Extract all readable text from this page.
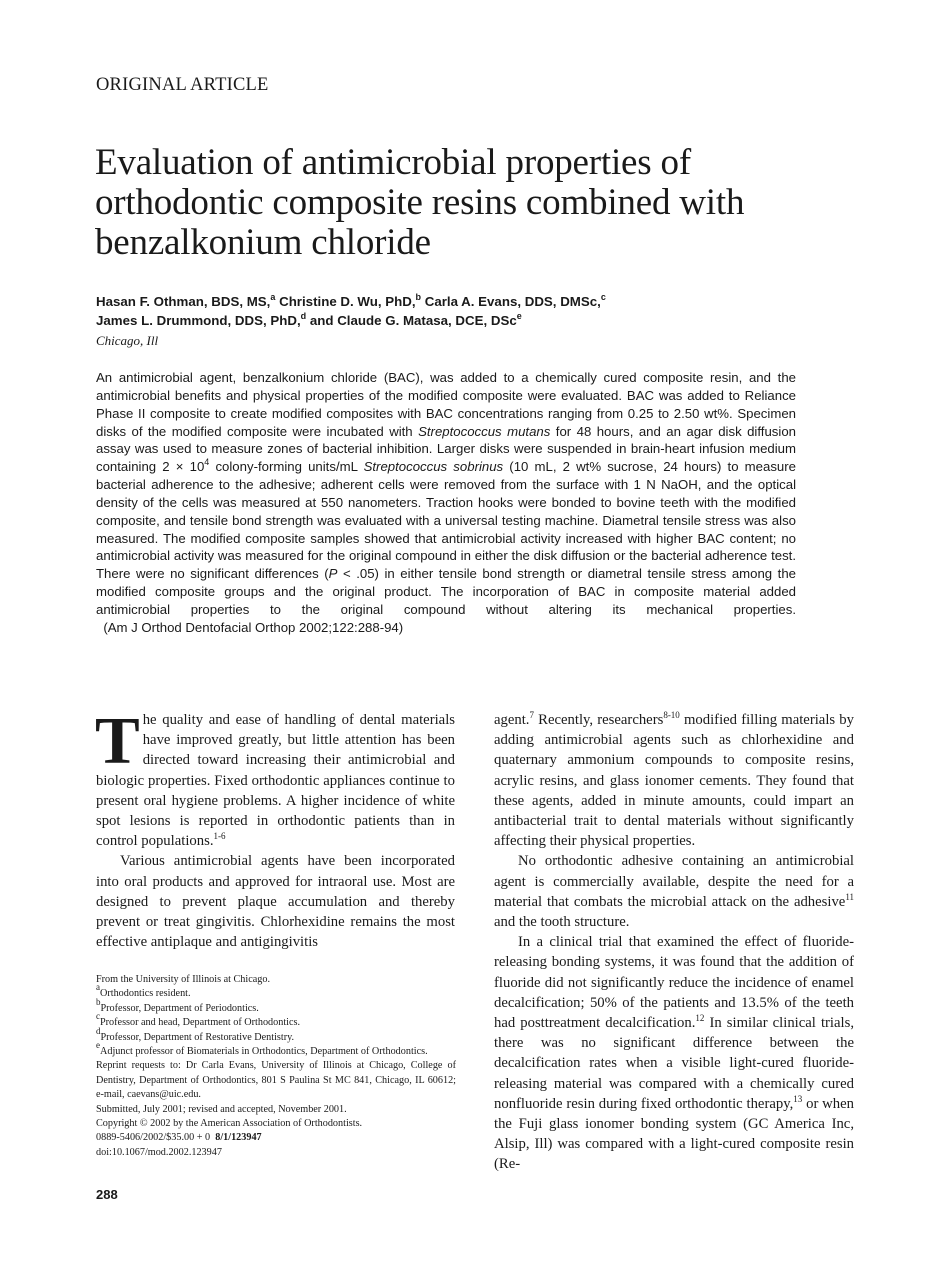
ORIGINAL ARTICLE
Evaluation of antimicrobial properties of orthodontic composite resins combined with benzalkonium chloride

Hasan F. Othman, BDS, MS,$^a$ Christine D. Wu, PhD,$^b$ Carla A. Evans, DDS, DMSc,$^c$

James L. Drummond, DDS, PhD,$^d$ and Claude G. Matasa, DCE, DSc$^e$

Chicago, Ill

An antimicrobial agent, benzalkonium chloride (BAC), was added to a chemically cured composite resin, and the antimicrobial benefits and physical properties of the modified composite were evaluated. BAC was added to Reliance Phase II composite to create modified composites with BAC concentrations ranging from 0.25 to 2.50 wt%. Specimen disks of the modified composite were incubated with Streptococcus mutans for 48 hours, and an agar disk diffusion assay was used to measure zones of bacterial inhibition. Larger disks were suspended in brain-heart infusion medium containing $2 \times 10^4$ colony-forming units/mL Streptococcus sobrinus (10 mL, 2 wt% sucrose, 24 hours) to measure bacterial adherence to the adhesive; adherent cells were removed from the surface with 1 N NaOH, and the optical density of the cells was measured at 550 nanometers. Traction hooks were bonded to bovine teeth with the modified composite, and tensile bond strength was evaluated with a universal testing machine. Diametral tensile stress was also measured. The modified composite samples showed that antimicrobial activity increased with higher BAC content; no antimicrobial activity was measured for the original compound in either the disk diffusion or the bacterial adherence test. There were no significant differences (P < .05) in either tensile bond strength or diametral tensile stress among the modified composite groups and the original product. The incorporation of BAC in composite material added antimicrobial properties to the original compound without altering its mechanical properties.  (Am J Orthod Dentofacial Orthop 2002;122:288-94)

The quality and ease of handling of dental materials have improved greatly, but little attention has been directed toward increasing their antimicrobial and biologic properties. Fixed orthodontic appliances continue to present oral hygiene problems. A higher incidence of white spot lesions is reported in orthodontic patients than in control populations.$^{1-6}$

Various antimicrobial agents have been incorporated into oral products and approved for intraoral use. Most are designed to prevent plaque accumulation and thereby prevent or treat gingivitis. Chlorhexidine remains the most effective antiplaque and antigingivitis

agent.$^7$ Recently, researchers$^{8-10}$ modified filling materials by adding antimicrobial agents such as chlorhexidine and quaternary ammonium compounds to composite resins, acrylic resins, and glass ionomer cements. They found that these agents, added in minute amounts, could impart an antibacterial trait to dental materials without significantly affecting their physical properties.

No orthodontic adhesive containing an antimicrobial agent is commercially available, despite the need for a material that combats the microbial attack on the adhesive$^{11}$ and the tooth structure.

In a clinical trial that examined the effect of fluoride-releasing bonding systems, it was found that the addition of fluoride did not significantly reduce the incidence of enamel decalcification; 50% of the patients and 13.5% of the teeth had posttreatment decalcification.$^{12}$ In similar clinical trials, there was no significant difference between the decalcification rates when a visible light-cured fluoride-releasing material was compared with a chemically cured nonfluoride resin during fixed orthodontic therapy,$^{13}$ or when the Fuji glass ionomer bonding system (GC America Inc, Alsip, Ill) was compared with a light-cured composite resin (Re-

From the University of Illinois at Chicago.
$^a$Orthodontics resident.
$^b$Professor, Department of Periodontics.
$^c$Professor and head, Department of Orthodontics.
$^d$Professor, Department of Restorative Dentistry.
$^e$Adjunct professor of Biomaterials in Orthodontics, Department of Orthodontics.
Reprint requests to: Dr Carla Evans, University of Illinois at Chicago, College of Dentistry, Department of Orthodontics, 801 S Paulina St MC 841, Chicago, IL 60612; e-mail, caevans@uic.edu.
Submitted, July 2001; revised and accepted, November 2001.
Copyright © 2002 by the American Association of Orthodontists.
0889-5406/2002/$35.00 + 0  8/1/123947
doi:10.1067/mod.2002.123947
288
